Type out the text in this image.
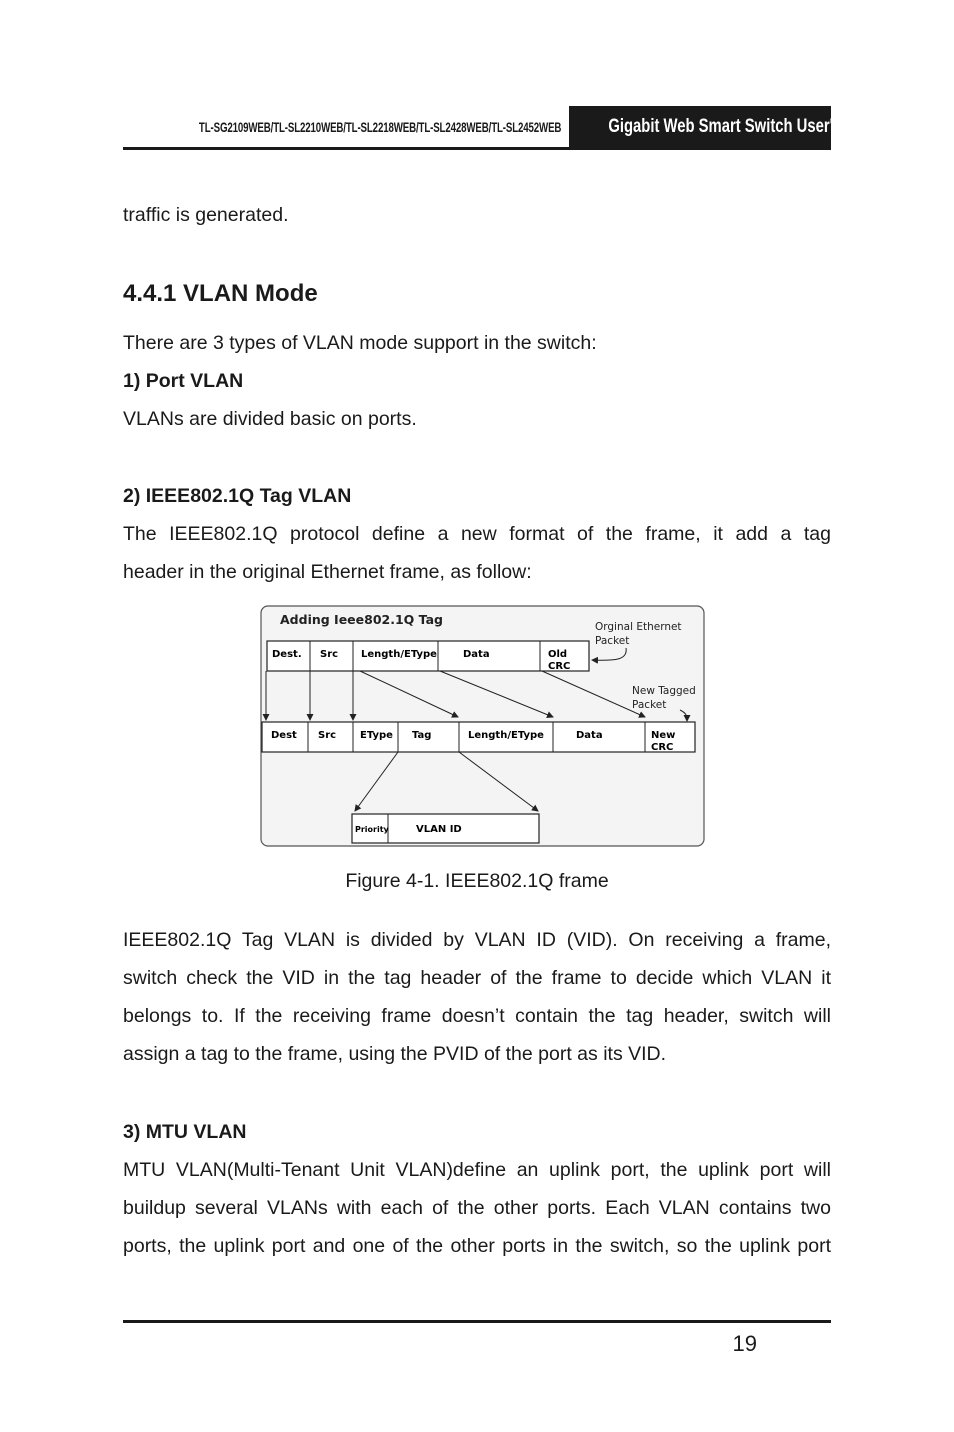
TL-SG2109WEB/TL-SL2210WEB/TL-SL2218WEB/TL-SL2428WEB/TL-SL2452WEB	Gigabit Web Smart Switch User's Guide
traffic is generated.
4.4.1 VLAN Mode
There are 3 types of VLAN mode support in the switch:
1) Port VLAN
VLANs are divided basic on ports.
2) IEEE802.1Q Tag VLAN
The IEEE802.1Q protocol define a new format of the frame, it add a tag
header in the original Ethernet frame, as follow:
Adding Ieee802.1Q Tag	Orginal Ethernet
Packet
New Tagged
Packet
Dest. Src Length/EType	Data	Old
CRC
Dest Src EType Tag	Length/EType	Data	New
CRC
Priority	VLAN ID
Figure 4-1. IEEE802.1Q frame
IEEE802.1Q Tag VLAN is divided by VLAN ID (VID). On receiving a frame,
switch check the VID in the tag header of the frame to decide which VLAN it
belongs to. If the receiving frame doesn’t contain the tag header, switch will
assign a tag to the frame, using the PVID of the port as its VID.
3) MTU VLAN
MTU VLAN(Multi-Tenant Unit VLAN)define an uplink port, the uplink port will
buildup several VLANs with each of the other ports. Each VLAN contains two
ports, the uplink port and one of the other ports in the switch, so the uplink port
19
